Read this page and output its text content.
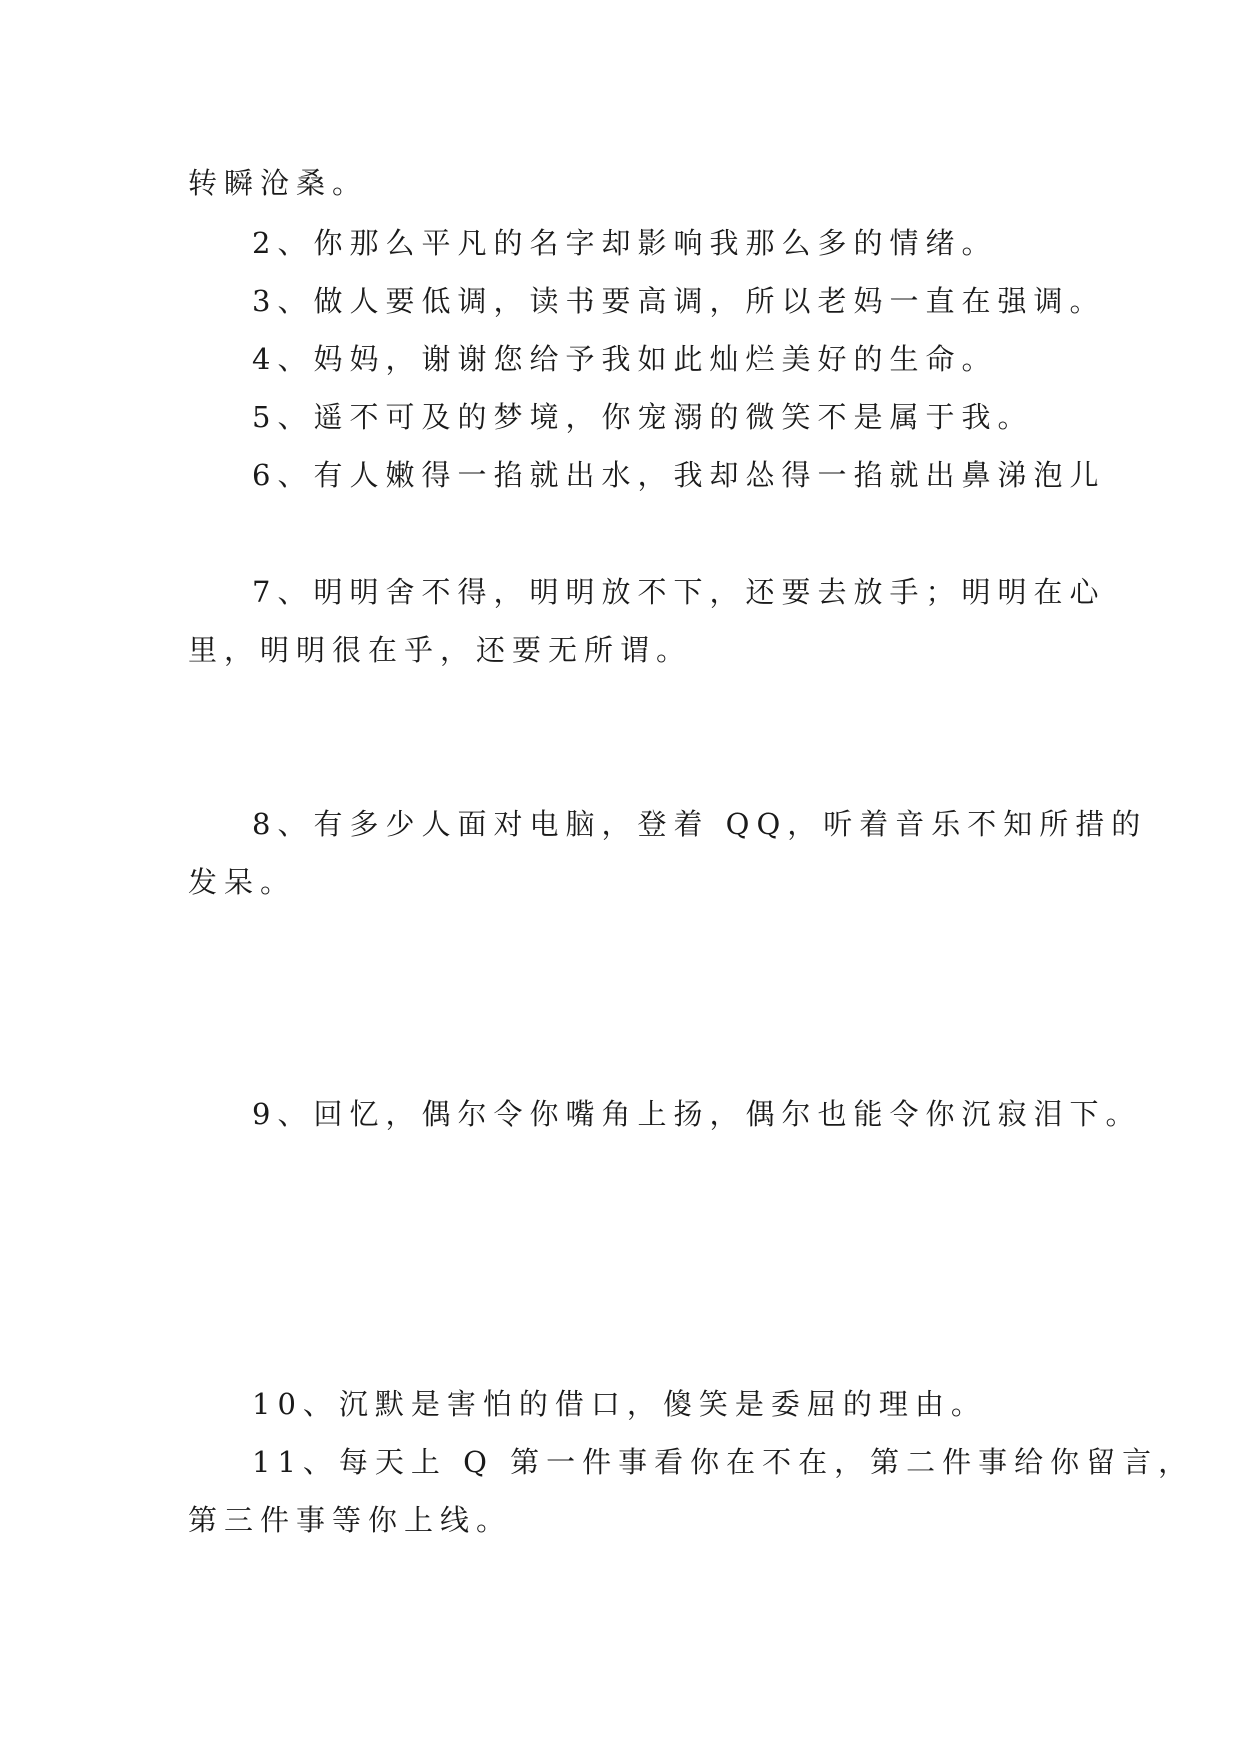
转瞬沧桑。
2、你那么平凡的名字却影响我那么多的情绪。
3、做人要低调，读书要高调，所以老妈一直在强调。
4、妈妈，谢谢您给予我如此灿烂美好的生命。
5、遥不可及的梦境，你宠溺的微笑不是属于我。
6、有人嫩得一掐就出水，我却怂得一掐就出鼻涕泡儿
7、明明舍不得，明明放不下，还要去放手；明明在心
里，明明很在乎，还要无所谓。
8、有多少人面对电脑，登着 QQ，听着音乐不知所措的
发呆。
9、回忆，偶尔令你嘴角上扬，偶尔也能令你沉寂泪下。
10、沉默是害怕的借口，傻笑是委屈的理由。
11、每天上 Q 第一件事看你在不在，第二件事给你留言，
第三件事等你上线。
